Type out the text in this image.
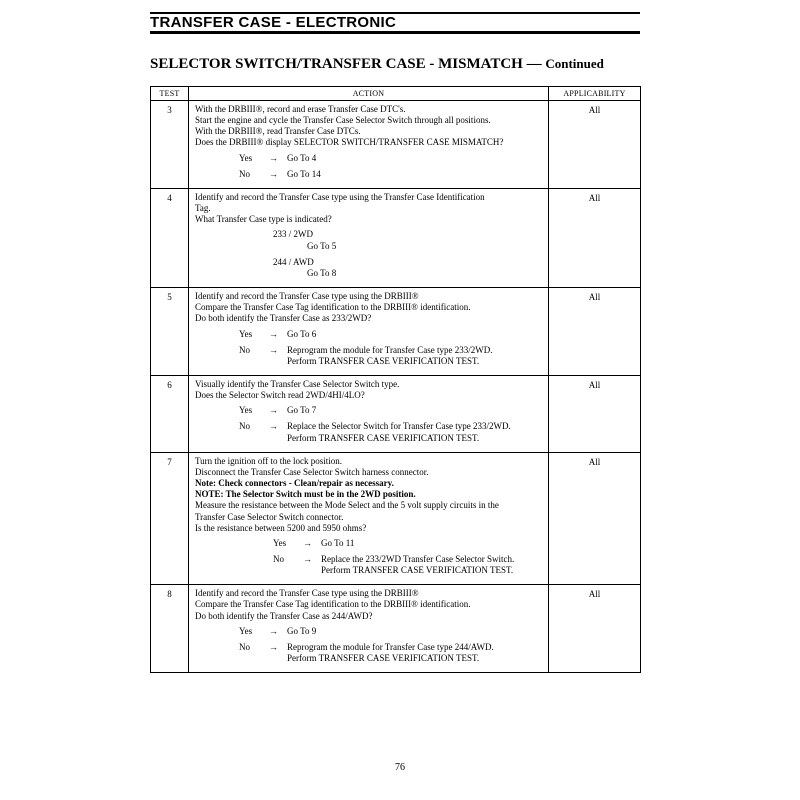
TRANSFER CASE - ELECTRONIC
SELECTOR SWITCH/TRANSFER CASE - MISMATCH — Continued
TEST	ACTION	APPLICABILITY
3	With the DRBIII®, record and erase Transfer Case DTC's.
Start the engine and cycle the Transfer Case Selector Switch through all positions.
With the DRBIII®, read Transfer Case DTCs.
Does the DRBIII® display SELECTOR SWITCH/TRANSFER CASE MISMATCH?
Yes	→	Go To 4
No	→	Go To 14
	All
4	Identify and record the Transfer Case type using the Transfer Case Identification
Tag.
What Transfer Case type is indicated?
233 / 2WD
Go To 5
244 / AWD
Go To 8
	All
5	Identify and record the Transfer Case type using the DRBIII®
Compare the Transfer Case Tag identification to the DRBIII® identification.
Do both identify the Transfer Case as 233/2WD?
Yes	→	Go To 6
No	→	Reprogram the module for Transfer Case type 233/2WD.
Perform TRANSFER CASE VERIFICATION TEST.
	All
6	Visually identify the Transfer Case Selector Switch type.
Does the Selector Switch read 2WD/4HI/4LO?
Yes	→	Go To 7
No	→	Replace the Selector Switch for Transfer Case type 233/2WD.
Perform TRANSFER CASE VERIFICATION TEST.
	All
7	Turn the ignition off to the lock position.
Disconnect the Transfer Case Selector Switch harness connector.
Note: Check connectors - Clean/repair as necessary.
NOTE: The Selector Switch must be in the 2WD position.
Measure the resistance between the Mode Select and the 5 volt supply circuits in the
Transfer Case Selector Switch connector.
Is the resistance between 5200 and 5950 ohms?
Yes	→	Go To 11
No	→	Replace the 233/2WD Transfer Case Selector Switch.
Perform TRANSFER CASE VERIFICATION TEST.
	All
8	Identify and record the Transfer Case type using the DRBIII®
Compare the Transfer Case Tag identification to the DRBIII® identification.
Do both identify the Transfer Case as 244/AWD?
Yes	→	Go To 9
No	→	Reprogram the module for Transfer Case type 244/AWD.
Perform TRANSFER CASE VERIFICATION TEST.
	All
76
